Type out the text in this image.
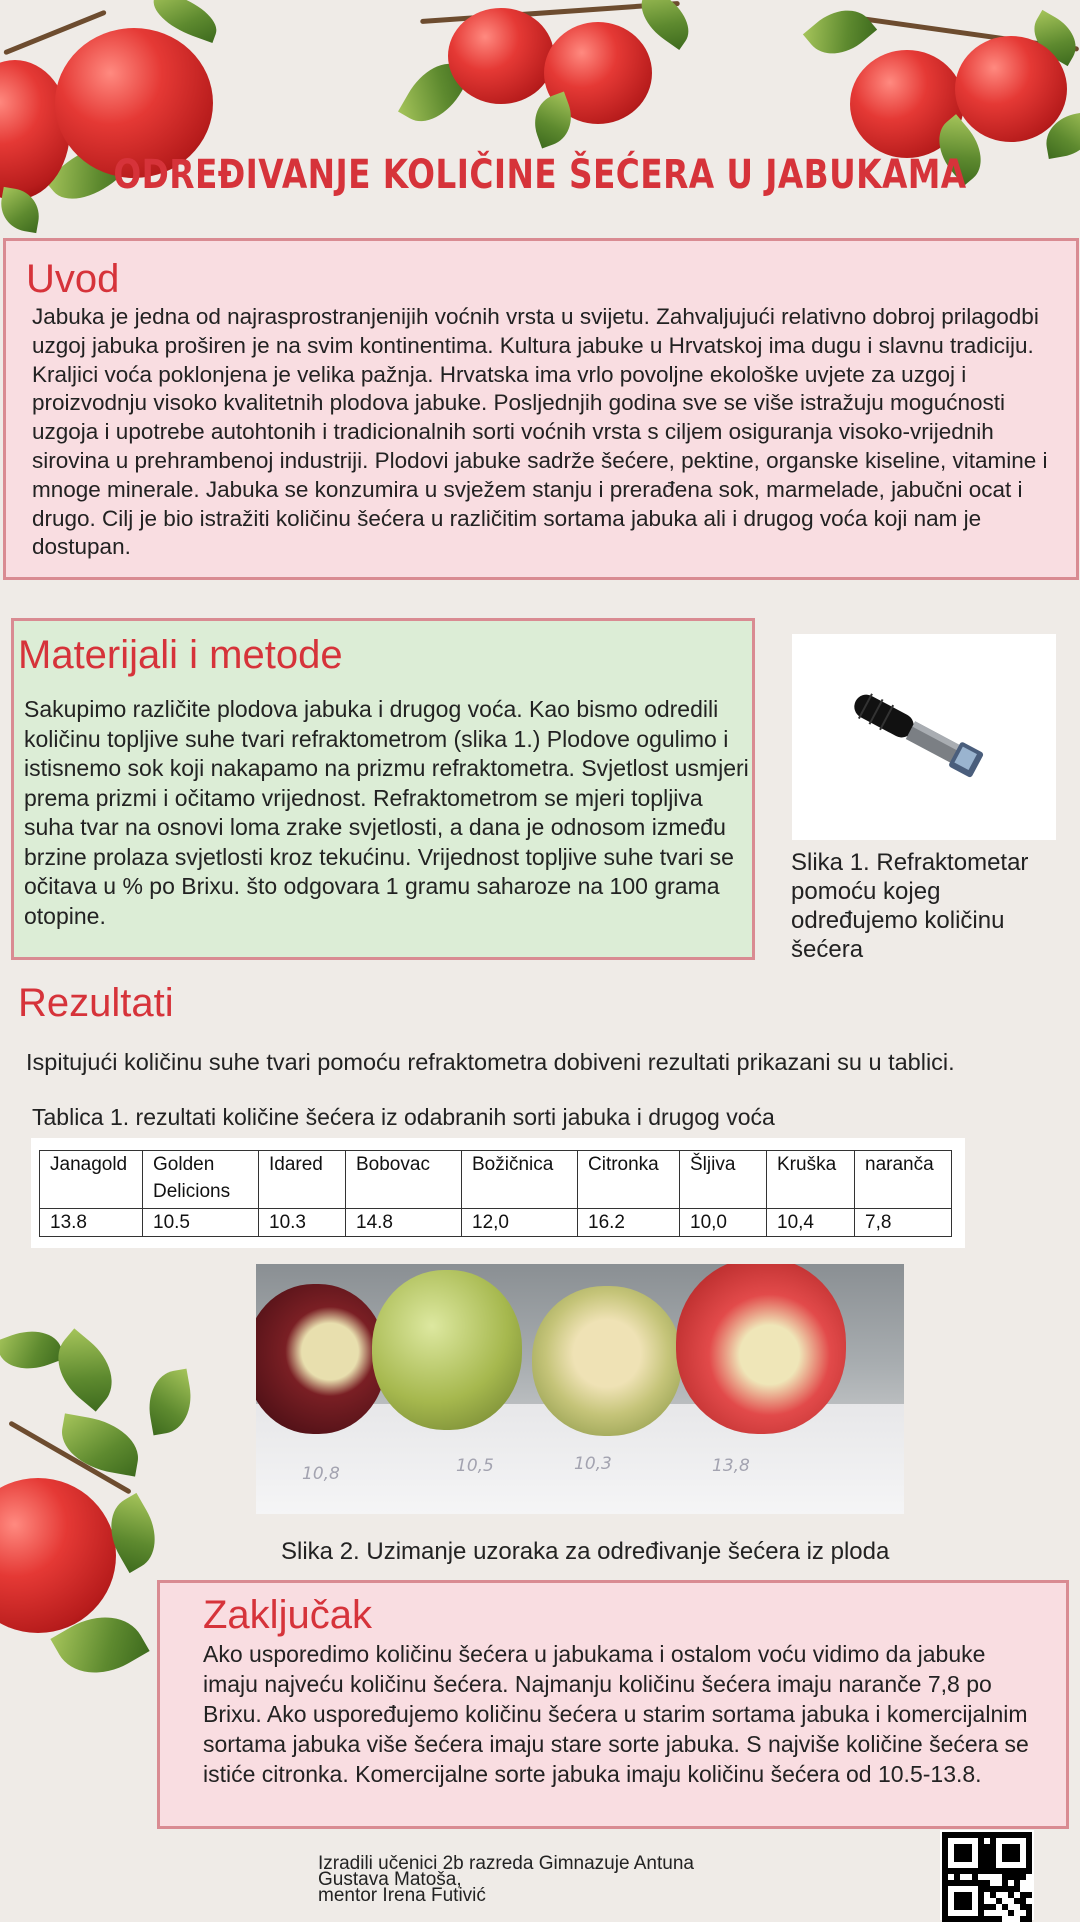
ODREĐIVANJE KOLIČINE ŠEĆERA U JABUKAMA
Uvod
Jabuka je jedna od najrasprostranjenijih voćnih vrsta u svijetu. Zahvaljujući relativno dobroj prilagodbi uzgoj jabuka proširen je na svim kontinentima. Kultura jabuke u Hrvatskoj ima dugu i slavnu tradiciju. Kraljici voća poklonjena je velika pažnja. Hrvatska ima vrlo povoljne ekološke uvjete za uzgoj i proizvodnju visoko kvalitetnih plodova jabuke. Posljednjih godina sve se više istražuju mogućnosti uzgoja i upotrebe autohtonih i tradicionalnih sorti voćnih vrsta s ciljem osiguranja visoko-vrijednih sirovina u prehrambenoj industriji. Plodovi jabuke sadrže šećere, pektine, organske kiseline, vitamine i mnoge minerale. Jabuka se konzumira u svježem stanju i prerađena sok, marmelade, jabučni ocat i drugo. Cilj je bio istražiti količinu šećera u različitim sortama jabuka ali i drugog voća koji nam je dostupan.
Materijali i metode
Sakupimo različite plodova jabuka i drugog voća. Kao bismo odredili količinu topljive suhe tvari refraktometrom (slika 1.) Plodove ogulimo i istisnemo sok koji nakapamo na prizmu refraktometra. Svjetlost usmjeri prema prizmi i očitamo vrijednost. Refraktometrom se mjeri topljiva suha tvar na osnovi loma zrake svjetlosti, a dana je odnosom između brzine prolaza svjetlosti kroz tekućinu. Vrijednost topljive suhe tvari se očitava u % po Brixu. što odgovara 1 gramu saharoze na 100 grama otopine.
Slika 1. Refraktometar pomoću kojeg određujemo količinu šećera
Rezultati
Ispitujući količinu suhe tvari pomoću refraktometra dobiveni rezultati prikazani su u tablici.
Tablica 1. rezultati količine šećera iz odabranih sorti jabuka i drugog voća
Janagold	Golden Delicions	Idared	Bobovac	Božičnica	Citronka	Šljiva	Kruška	naranča
13.8	10.5	10.3	14.8	12,0	16.2	10,0	10,4	7,8
10,8	10,5	10,3	13,8
Slika 2. Uzimanje uzoraka za određivanje šećera iz ploda
Zaključak
Ako usporedimo količinu šećera u jabukama i ostalom voću vidimo da jabuke imaju najveću količinu šećera. Najmanju količinu šećera imaju naranče 7,8 po Brixu. Ako uspoređujemo količinu šećera u starim sortama jabuka i komercijalnim sortama jabuka više šećera imaju stare sorte jabuka. S najviše količine šećera se istiće citronka. Komercijalne sorte jabuka imaju količinu šećera od 10.5-13.8.
Izradili učenici 2b razreda Gimnazuje Antuna
Gustava Matoša,
mentor Irena Futivić
